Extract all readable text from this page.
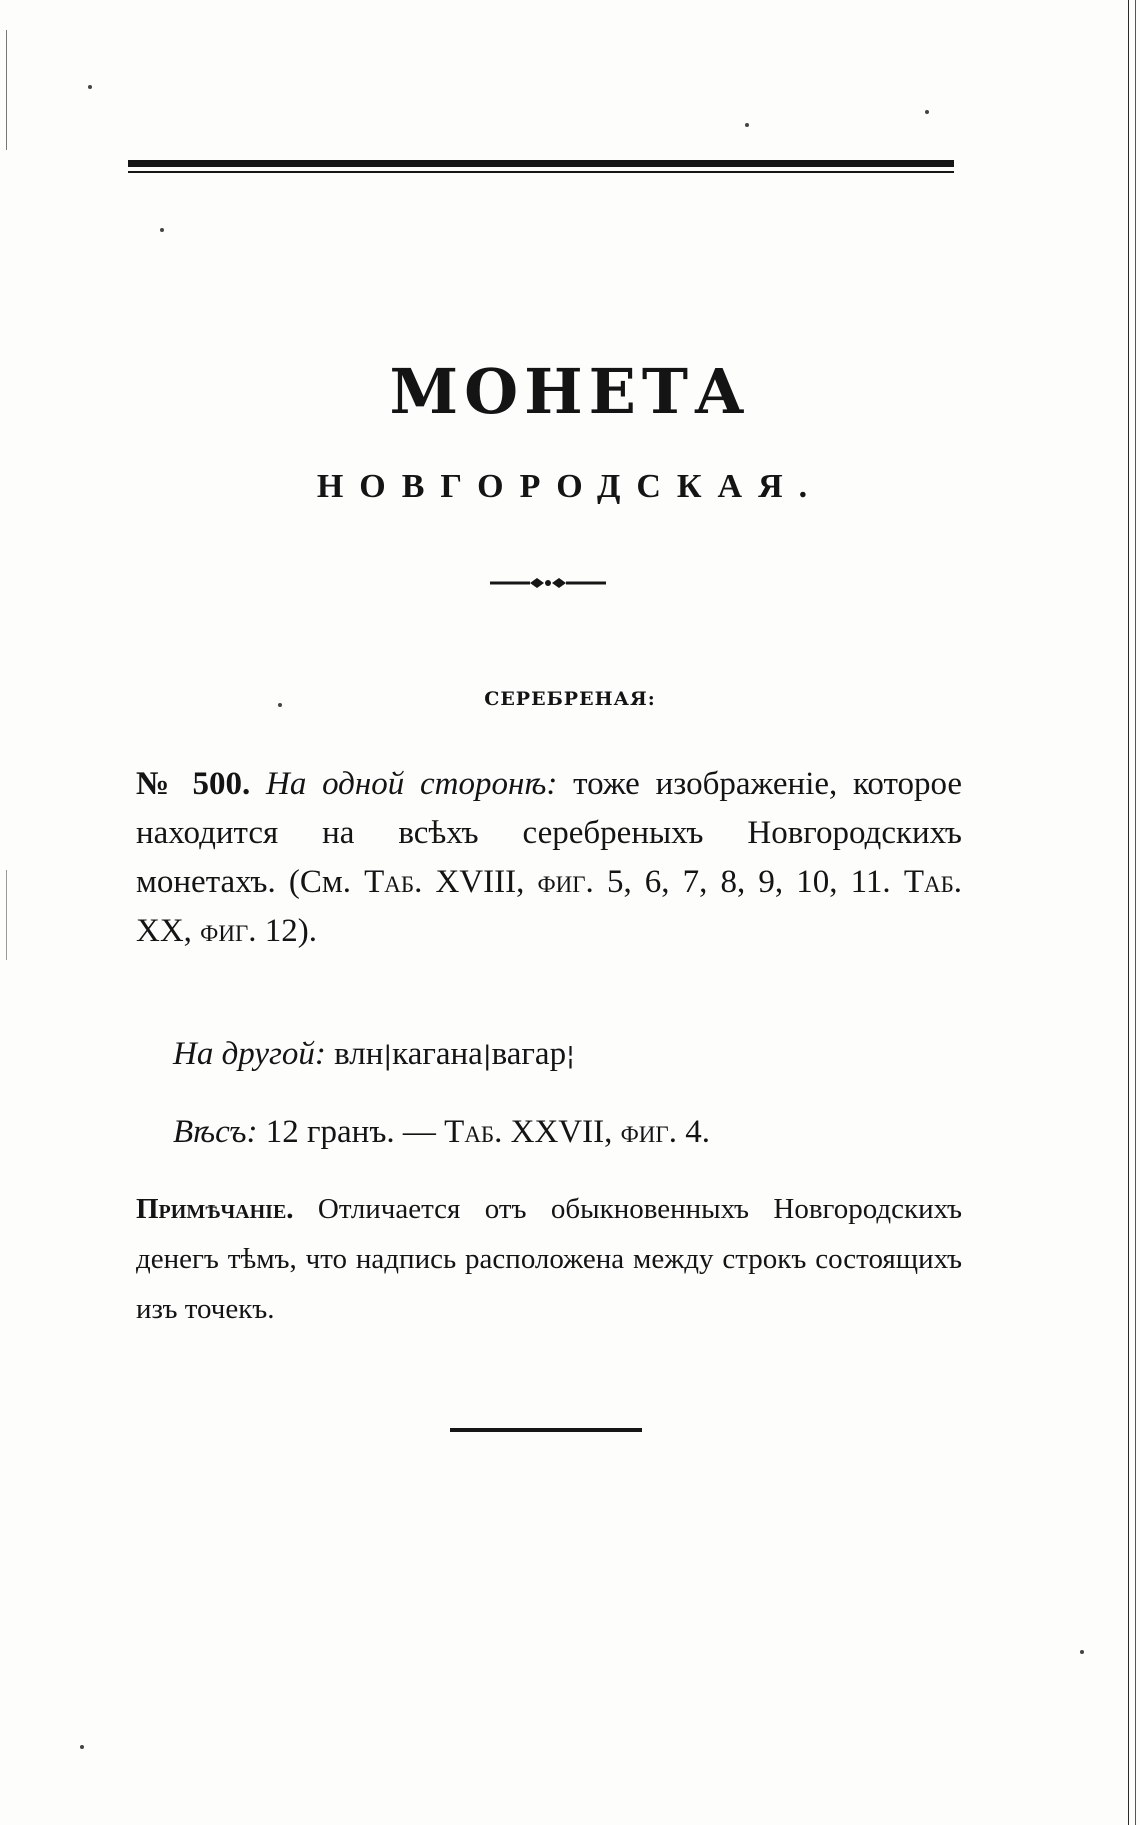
МОНЕТА
НОВГОРОДСКАЯ.
СЕРЕБРЕНАЯ:

№ 500. На одной сторонѣ: тоже изображеніе, которое находится на всѣхъ серебреныхъ Новгородскихъ монетахъ. (См. Таб. XVIII, фиг. 5, 6, 7, 8, 9, 10, 11. Таб. XX, фиг. 12).

На другой: влн|кагана|вагар¦

Вѣсъ: 12 гранъ. — Таб. XXVII, фиг. 4.

Примѣчаніе. Отличается отъ обыкновенныхъ Новгородскихъ денегъ тѣмъ, что надпись расположена между строкъ состоящихъ изъ точекъ.
